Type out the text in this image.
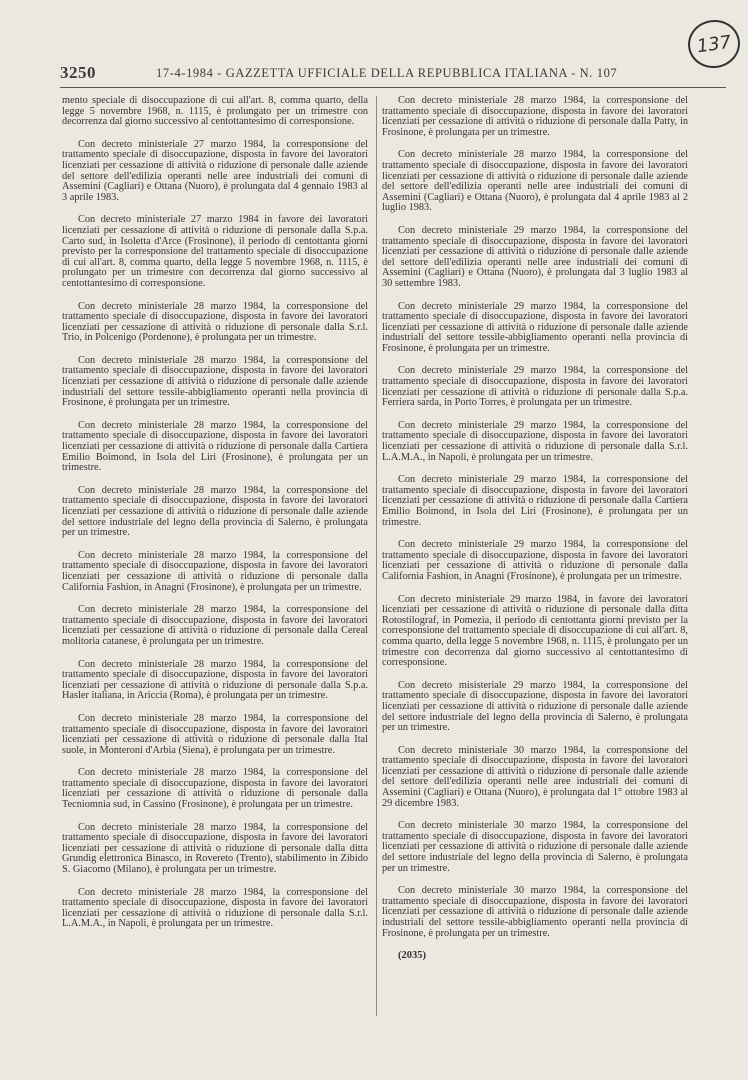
137
3250	17-4-1984 - GAZZETTA UFFICIALE DELLA REPUBBLICA ITALIANA - N. 107

mento speciale di disoccupazione di cui all'art. 8, comma quarto, della legge 5 novembre 1968, n. 1115, è prolungato per un trimestre con decorrenza dal giorno successivo al centottantesimo di corresponsione.

Con decreto ministeriale 27 marzo 1984, la corresponsione del trattamento speciale di disoccupazione, disposta in favore dei lavoratori licenziati per cessazione di attività o riduzione di personale dalle aziende del settore dell'edilizia operanti nelle aree industriali dei comuni di Assemini (Cagliari) e Ottana (Nuoro), è prolungata dal 4 gennaio 1983 al 3 aprile 1983.

Con decreto ministeriale 27 marzo 1984 in favore dei lavoratori licenziati per cessazione di attività o riduzione di personale dalla S.p.a. Carto sud, in Isoletta d'Arce (Frosinone), il periodo di centottanta giorni previsto per la corresponsione del trattamento speciale di disoccupazione di cui all'art. 8, comma quarto, della legge 5 novembre 1968, n. 1115, è prolungato per un trimestre con decorrenza dal giorno successivo al centottantesimo di corresponsione.

Con decreto ministeriale 28 marzo 1984, la corresponsione del trattamento speciale di disoccupazione, disposta in favore dei lavoratori licenziati per cessazione di attività o riduzione di personale dalla S.r.l. Trio, in Polcenigo (Pordenone), è prolungata per un trimestre.

Con decreto ministeriale 28 marzo 1984, la corresponsione del trattamento speciale di disoccupazione, disposta in favore dei lavoratori licenziati per cessazione di attività o riduzione di personale dalle aziende industriali del settore tessile-abbigliamento operanti nella provincia di Frosinone, è prolungata per un trimestre.

Con decreto ministeriale 28 marzo 1984, la corresponsione del trattamento speciale di disoccupazione, disposta in favore dei lavoratori licenziati per cessazione di attività o riduzione di personale dalla Cartiera Emilio Boimond, in Isola del Liri (Frosinone), è prolungata per un trimestre.

Con decreto ministeriale 28 marzo 1984, la corresponsione del trattamento speciale di disoccupazione, disposta in favore dei lavoratori licenziati per cessazione di attività o riduzione di personale dalle aziende del settore industriale del legno della provincia di Salerno, è prolungata per un trimestre.

Con decreto ministeriale 28 marzo 1984, la corresponsione del trattamento speciale di disoccupazione, disposta in favore dei lavoratori licenziati per cessazione di attività o riduzione di personale dalla California Fashion, in Anagni (Frosinone), è prolungata per un trimestre.

Con decreto ministeriale 28 marzo 1984, la corresponsione del trattamento speciale di disoccupazione, disposta in favore dei lavoratori licenziati per cessazione di attività o riduzione di personale dalla Cereal molitoria catanese, è prolungata per un trimestre.

Con decreto ministeriale 28 marzo 1984, la corresponsione del trattamento speciale di disoccupazione, disposta in favore dei lavoratori licenziati per cessazione di attività o riduzione di personale dalla S.p.a. Hasler italiana, in Ariccia (Roma), è prolungata per un trimestre.

Con decreto ministeriale 28 marzo 1984, la corresponsione del trattamento speciale di disoccupazione, disposta in favore dei lavoratori licenziati per cessazione di attività o riduzione di personale dalla Ital suole, in Monteroni d'Arbia (Siena), è prolungata per un trimestre.

Con decreto ministeriale 28 marzo 1984, la corresponsione del trattamento speciale di disoccupazione, disposta in favore dei lavoratori licenziati per cessazione di attività o riduzione di personale dalla Tecniomnia sud, in Cassino (Frosinone), è prolungata per un trimestre.

Con decreto ministeriale 28 marzo 1984, la corresponsione del trattamento speciale di disoccupazione, disposta in favore dei lavoratori licenziati per cessazione di attività o riduzione di personale dalla ditta Grundig elettronica Binasco, in Rovereto (Trento), stabilimento in Zibido S. Giacomo (Milano), è prolungata per un trimestre.

Con decreto ministeriale 28 marzo 1984, la corresponsione del trattamento speciale di disoccupazione, disposta in favore dei lavoratori licenziati per cessazione di attività o riduzione di personale dalla S.r.l. L.A.M.A., in Napoli, è prolungata per un trimestre.

Con decreto ministeriale 28 marzo 1984, la corresponsione del trattamento speciale di disoccupazione, disposta in favore dei lavoratori licenziati per cessazione di attività o riduzione di personale dalla Patty, in Frosinone, è prolungata per un trimestre.

Con decreto ministeriale 28 marzo 1984, la corresponsione del trattamento speciale di disoccupazione, disposta in favore dei lavoratori licenziati per cessazione di attività o riduzione di personale dalle aziende del settore dell'edilizia operanti nelle aree industriali dei comuni di Assemini (Cagliari) e Ottana (Nuoro), è prolungata dal 4 aprile 1983 al 2 luglio 1983.

Con decreto ministeriale 29 marzo 1984, la corresponsione del trattamento speciale di disoccupazione, disposta in favore dei lavoratori licenziati per cessazione di attività o riduzione di personale dalle aziende del settore dell'edilizia operanti nelle aree industriali dei comuni di Assemini (Cagliari) e Ottana (Nuoro), è prolungata dal 3 luglio 1983 al 30 settembre 1983.

Con decreto ministeriale 29 marzo 1984, la corresponsione del trattamento speciale di disoccupazione, disposta in favore dei lavoratori licenziati per cessazione di attività o riduzione di personale dalle aziende industriali del settore tessile-abbigliamento operanti nella provincia di Frosinone, è prolungata per un trimestre.

Con decreto ministeriale 29 marzo 1984, la corresponsione del trattamento speciale di disoccupazione, disposta in favore dei lavoratori licenziati per cessazione di attività o riduzione di personale dalla S.p.a. Ferriera sarda, in Porto Torres, è prolungata per un trimestre.

Con decreto ministeriale 29 marzo 1984, la corresponsione del trattamento speciale di disoccupazione, disposta in favore dei lavoratori licenziati per cessazione di attività o riduzione di personale dalla S.r.l. L.A.M.A., in Napoli, è prolungata per un trimestre.

Con decreto ministeriale 29 marzo 1984, la corresponsione del trattamento speciale di disoccupazione, disposta in favore dei lavoratori licenziati per cessazione di attività o riduzione di personale dalla Cartiera Emilio Boimond, in Isola del Liri (Frosinone), è prolungata per un trimestre.

Con decreto ministeriale 29 marzo 1984, la corresponsione del trattamento speciale di disoccupazione, disposta in favore dei lavoratori licenziati per cessazione di attività o riduzione di personale dalla California Fashion, in Anagni (Frosinone), è prolungata per un trimestre.

Con decreto ministeriale 29 marzo 1984, in favore dei lavoratori licenziati per cessazione di attività o riduzione di personale dalla ditta Rotostilograf, in Pomezia, il periodo di centottanta giorni previsto per la corresponsione del trattamento speciale di disoccupazione di cui all'art. 8, comma quarto, della legge 5 novembre 1968, n. 1115, è prolungato per un trimestre con decorrenza dal giorno successivo al centottantesimo di corresponsione.

Con decreto misisteriale 29 marzo 1984, la corresponsione del trattamento speciale di disoccupazione, disposta in favore dei lavoratori licenziati per cessazione di attività o riduzione di personale dalle aziende del settore industriale del legno della provincia di Salerno, è prolungata per un trimestre.

Con decreto ministeriale 30 marzo 1984, la corresponsione del trattamento speciale di disoccupazione, disposta in favore dei lavoratori licenziati per cessazione di attività o riduzione di personale dalle aziende del settore dell'edilizia operanti nelle aree industriali dei comuni di Assemini (Cagliari) e Ottana (Nuoro), è prolungata dal 1° ottobre 1983 al 29 dicembre 1983.

Con decreto ministeriale 30 marzo 1984, la corresponsione del trattamento speciale di disoccupazione, disposta in favore dei lavoratori licenziati per cessazione di attività o riduzione di personale dalle aziende del settore industriale del legno della provincia di Salerno, è prolungata per un trimestre.

Con decreto ministeriale 30 marzo 1984, la corresponsione del trattamento speciale di disoccupazione, disposta in favore dei lavoratori licenziati per cessazione di attività o riduzione di personale dalle aziende industriali del settore tessile-abbigliamento operanti nella provincia di Frosinone, è prolungata per un trimestre.

(2035)
